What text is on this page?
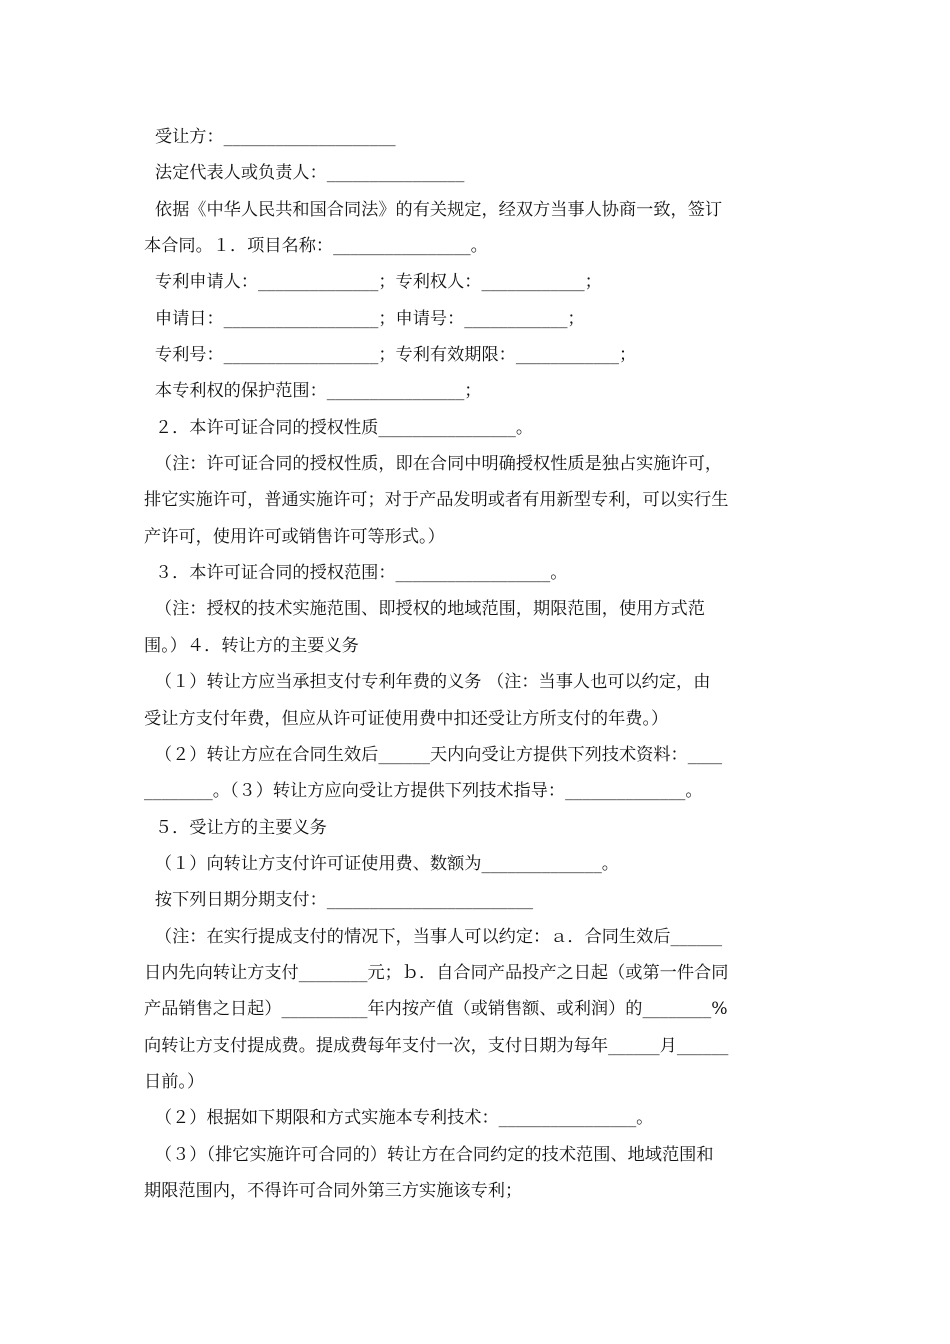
受让方：____________________
法定代表人或负责人：________________
依据《中华人民共和国合同法》的有关规定，经双方当事人协商一致，签订
本合同。１．项目名称：________________。
专利申请人：______________；专利权人：____________；
申请日：__________________；申请号：____________；
专利号：__________________；专利有效期限：____________；
本专利权的保护范围：________________；
２．本许可证合同的授权性质________________。
（注：许可证合同的授权性质，即在合同中明确授权性质是独占实施许可，
排它实施许可，普通实施许可；对于产品发明或者有用新型专利，可以实行生
产许可，使用许可或销售许可等形式。）
３．本许可证合同的授权范围：__________________。
（注：授权的技术实施范围、即授权的地域范围，期限范围，使用方式范
围。）４．转让方的主要义务
（１）转让方应当承担支付专利年费的义务 （注：当事人也可以约定，由
受让方支付年费，但应从许可证使用费中扣还受让方所支付的年费。）
（２）转让方应在合同生效后______天内向受让方提供下列技术资料：____
________。（３）转让方应向受让方提供下列技术指导：______________。
５．受让方的主要义务
（１）向转让方支付许可证使用费、数额为______________。
按下列日期分期支付：________________________
（注：在实行提成支付的情况下，当事人可以约定：ａ．合同生效后______
日内先向转让方支付________元；ｂ．自合同产品投产之日起（或第一件合同
产品销售之日起）__________年内按产值（或销售额、或利润）的________%
向转让方支付提成费。提成费每年支付一次，支付日期为每年______月______
日前。）
（２）根据如下期限和方式实施本专利技术：________________。
（３）（排它实施许可合同的）转让方在合同约定的技术范围、地域范围和
期限范围内，不得许可合同外第三方实施该专利；
